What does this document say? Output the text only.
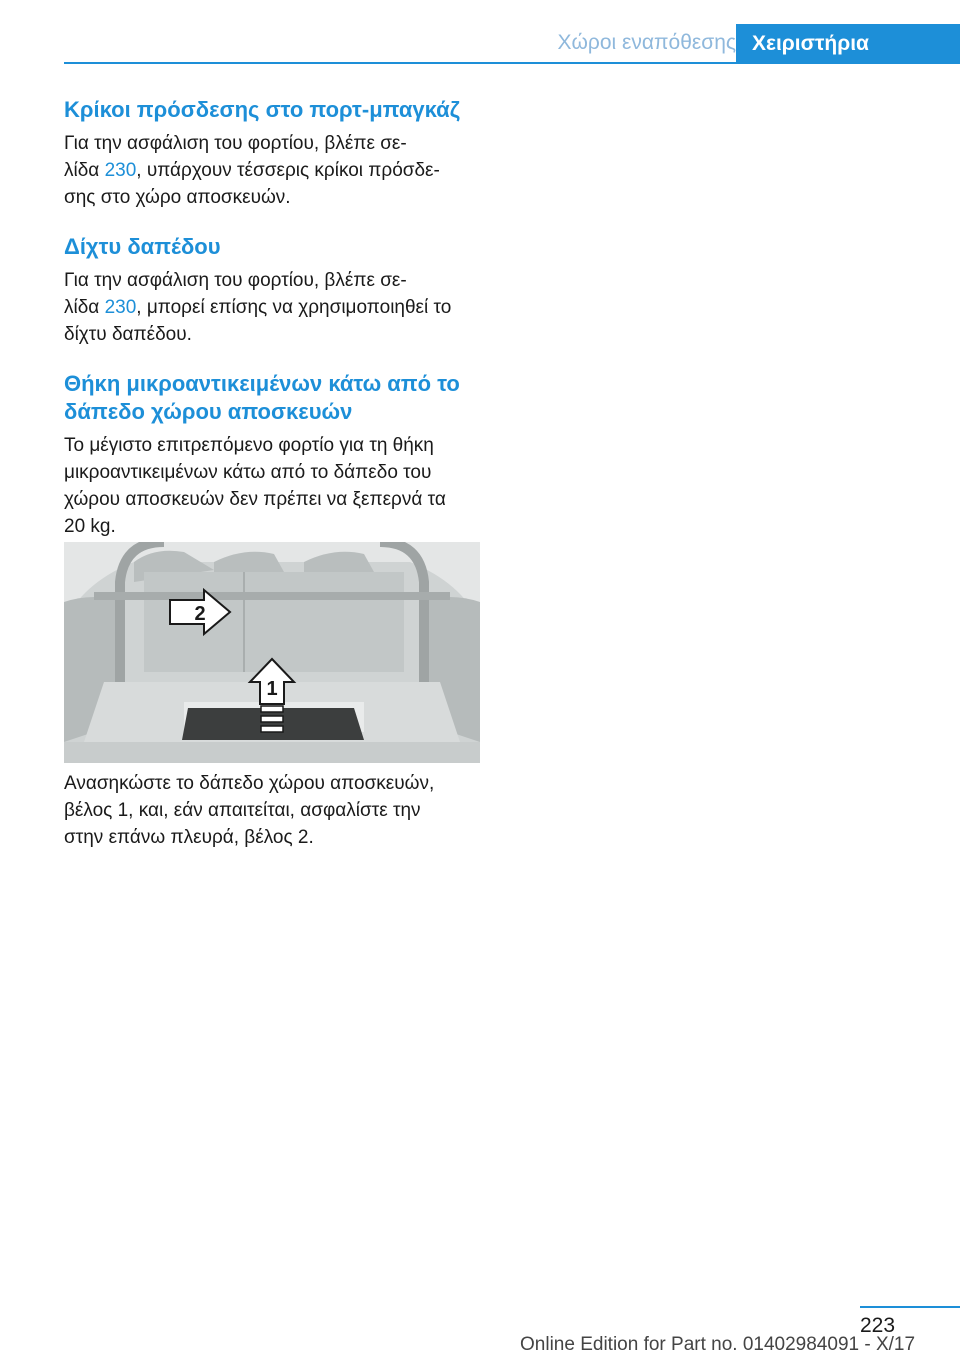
Χώροι εναπόθεσης Χειριστήρια
Κρίκοι πρόσδεσης στο πορτ-μπαγκάζ

Για την ασφάλιση του φορτίου, βλέπε σε‐
λίδα 230, υπάρχουν τέσσερις κρίκοι πρόσδε‐
σης στο χώρο αποσκευών.

Δίχτυ δαπέδου

Για την ασφάλιση του φορτίου, βλέπε σε‐
λίδα 230, μπορεί επίσης να χρησιμοποιηθεί το
δίχτυ δαπέδου.

Θήκη μικροαντικειμένων κάτω από το
δάπεδο χώρου αποσκευών

Το μέγιστο επιτρεπόμενο φορτίο για τη θήκη
μικροαντικειμένων κάτω από το δάπεδο του
χώρου αποσκευών δεν πρέπει να ξεπερνά τα
20 kg.

1
2
Ανασηκώστε το δάπεδο χώρου αποσκευών,
βέλος 1, και, εάν απαιτείται, ασφαλίστε την
στην επάνω πλευρά, βέλος 2.
223
Online Edition for Part no. 01402984091 - X/17
